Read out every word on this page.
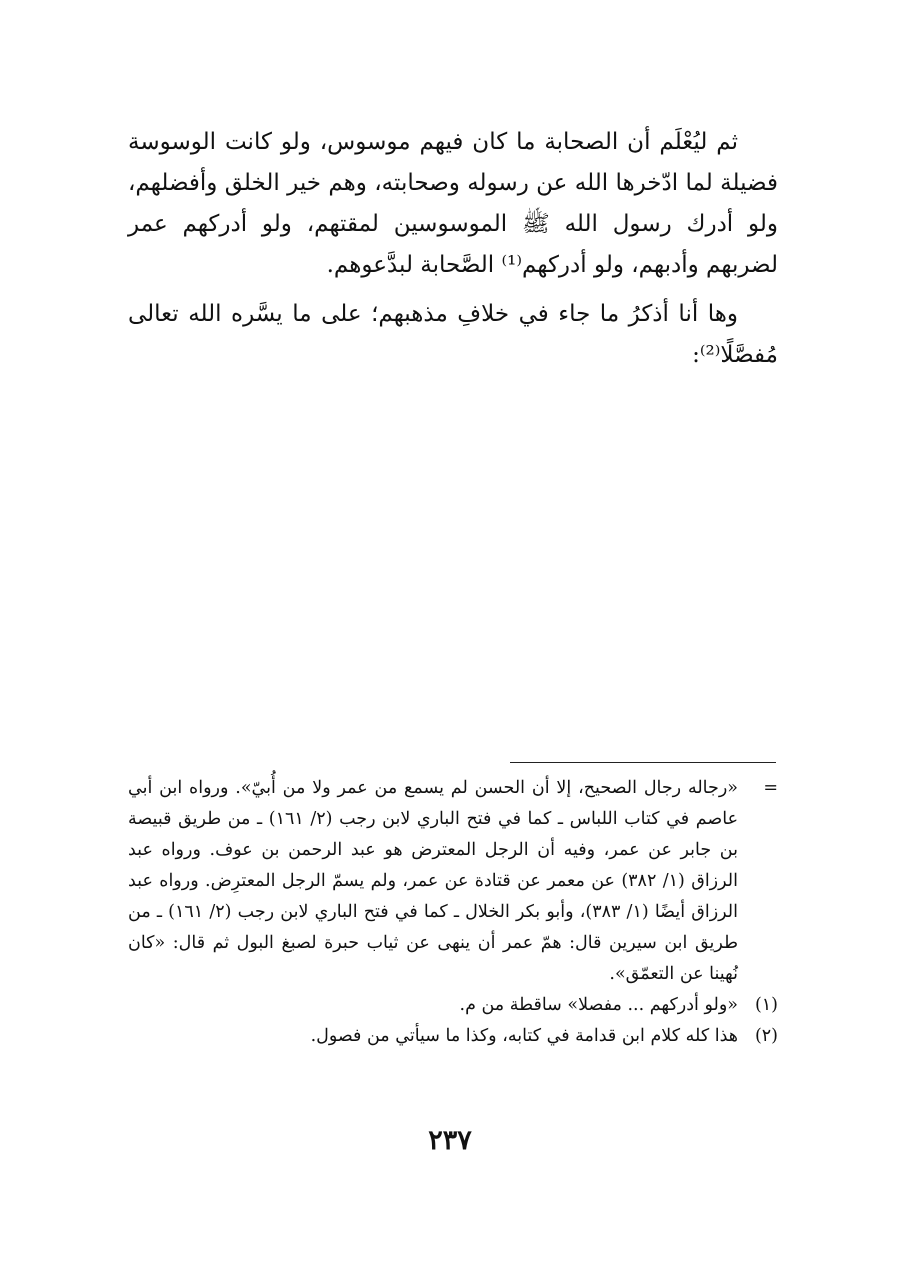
ثم ليُعْلَم أن الصحابة ما كان فيهم موسوس، ولو كانت الوسوسة فضيلة لما ادّخرها الله عن رسوله وصحابته، وهم خير الخلق وأفضلهم، ولو أدرك رسول الله ﷺ الموسوسين لمقتهم، ولو أدركهم عمر لضربهم وأدبهم، ولو أدركهم⁽¹⁾ الصَّحابة لبدَّعوهم.

وها أنا أذكرُ ما جاء في خلافِ مذهبهم؛ على ما يسَّره الله تعالى مُفصَّلًا⁽²⁾:

=
«رجاله رجال الصحيح، إلا أن الحسن لم يسمع من عمر ولا من أُبيّ». ورواه ابن أبي عاصم في كتاب اللباس ـ كما في فتح الباري لابن رجب (٢/ ١٦١) ـ من طريق قبيصة بن جابر عن عمر، وفيه أن الرجل المعترض هو عبد الرحمن بن عوف. ورواه عبد الرزاق (١/ ٣٨٢) عن معمر عن قتادة عن عمر، ولم يسمّ الرجل المعترِض. ورواه عبد الرزاق أيضًا (١/ ٣٨٣)، وأبو بكر الخلال ـ كما في فتح الباري لابن رجب (٢/ ١٦١) ـ من طريق ابن سيرين قال: همّ عمر أن ينهى عن ثياب حبرة لصبغ البول ثم قال: «كان نُهينا عن التعمّق».
(١)
«ولو أدركهم ... مفصلا» ساقطة من م.
(٢)
هذا كله كلام ابن قدامة في كتابه، وكذا ما سيأتي من فصول.
٢٣٧
